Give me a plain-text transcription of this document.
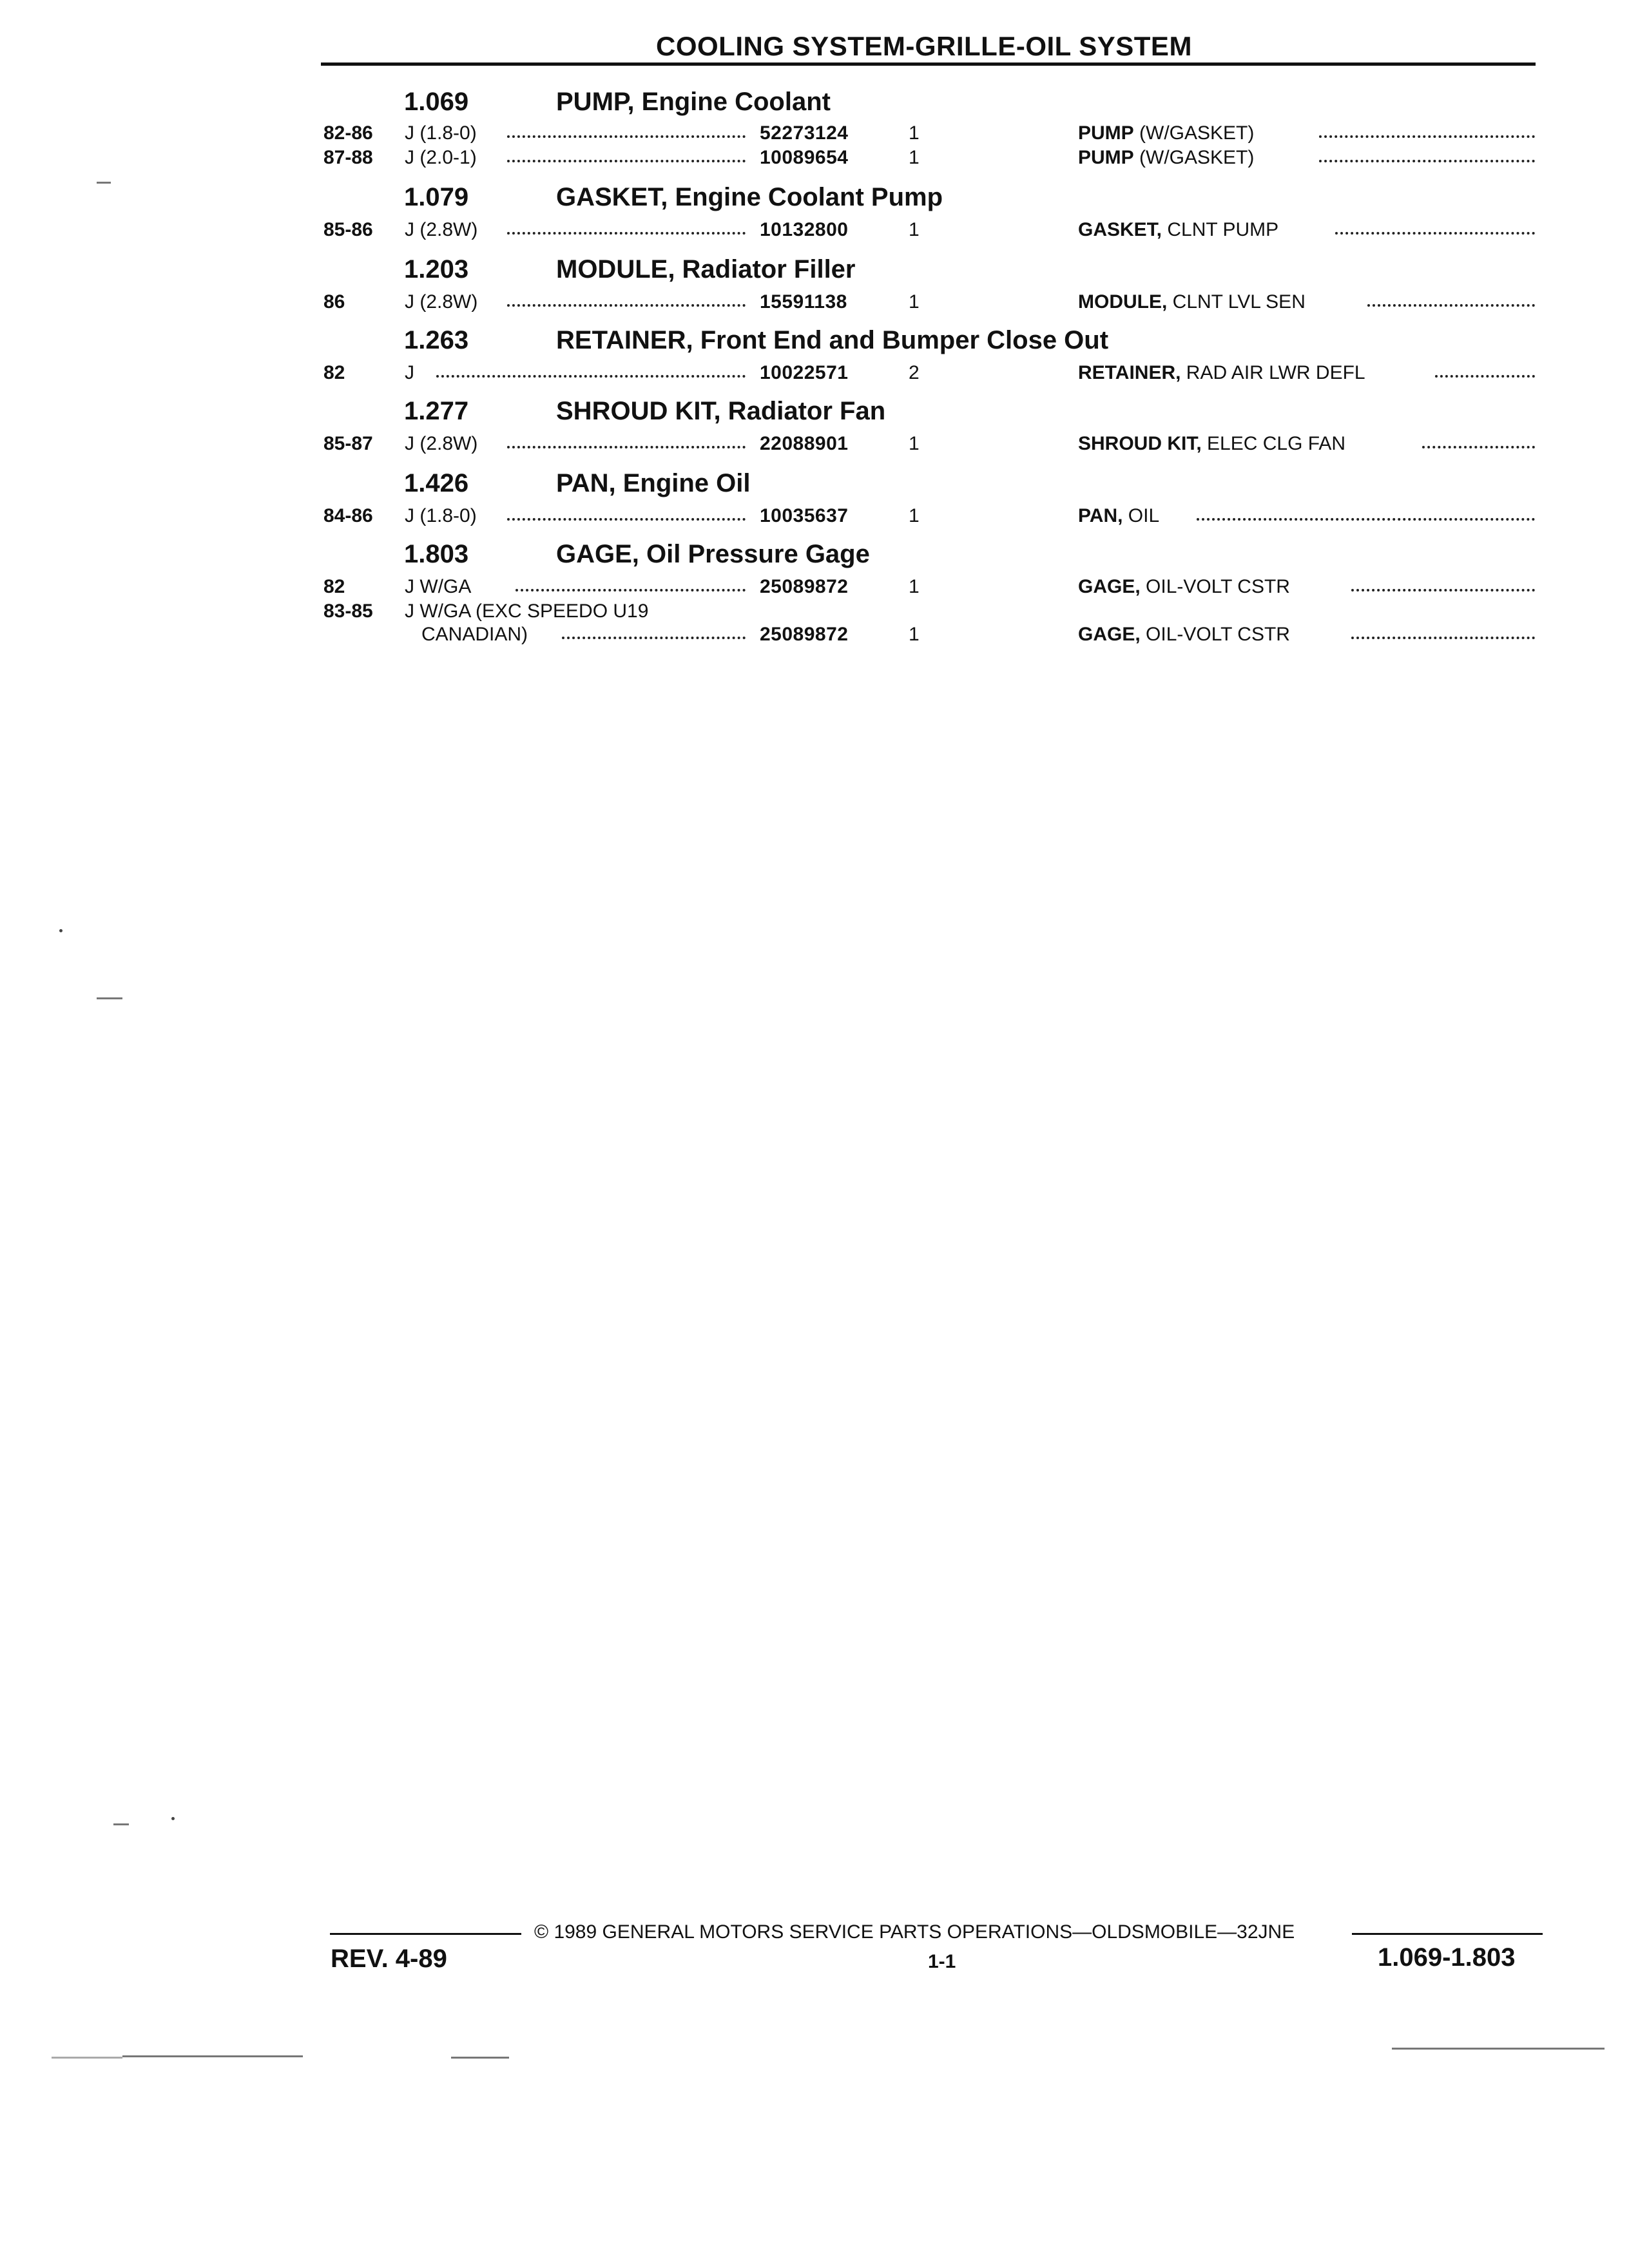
COOLING SYSTEM-GRILLE-OIL SYSTEM
1.069	PUMP, Engine Coolant
82-86 J (1.8-0)	52273124	1	PUMP (W/GASKET)
87-88 J (2.0-1)	10089654	1	PUMP (W/GASKET)
1.079	GASKET, Engine Coolant Pump
85-86 J (2.8W)	10132800	1	GASKET, CLNT PUMP
1.203	MODULE, Radiator Filler
86	J (2.8W)	15591138	1	MODULE, CLNT LVL SEN
1.263	RETAINER, Front End and Bumper Close Out
82	J	10022571	2	RETAINER, RAD AIR LWR DEFL
1.277	SHROUD KIT, Radiator Fan
85-87 J (2.8W)	22088901	1	SHROUD KIT, ELEC CLG FAN
1.426	PAN, Engine Oil
84-86 J (1.8-0)	10035637	1	PAN, OIL
1.803	GAGE, Oil Pressure Gage
82	J W/GA	25089872	1	GAGE, OIL-VOLT CSTR
83-85 J W/GA (EXC SPEEDO U19
CANADIAN)	25089872	1	GAGE, OIL-VOLT CSTR
© 1989 GENERAL MOTORS SERVICE PARTS OPERATIONS—OLDSMOBILE—32JNE
REV. 4-89	1-1	1.069-1.803
